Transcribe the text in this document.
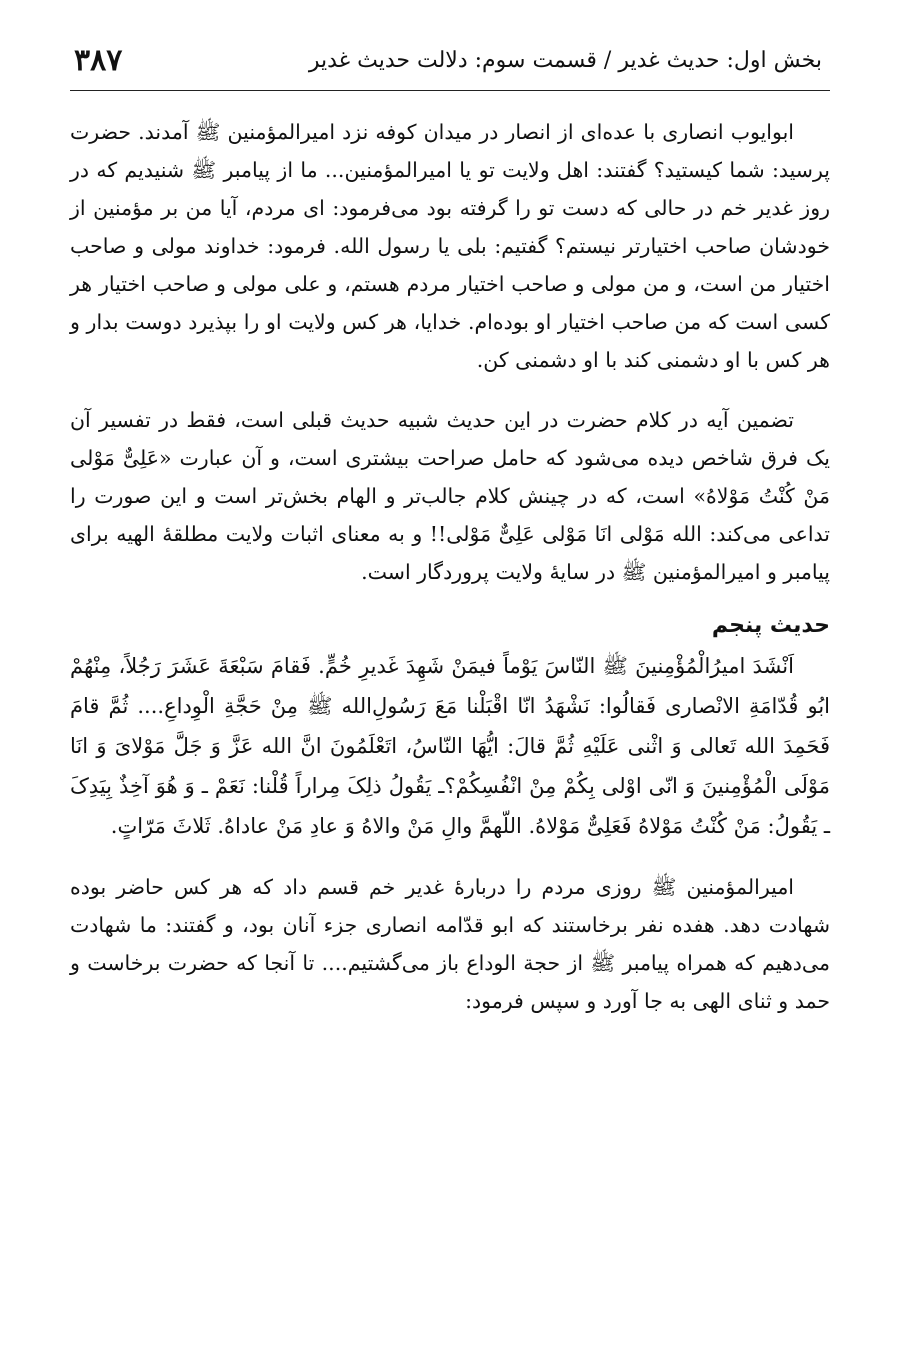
بخش اول: حدیث غدیر / قسمت سوم: دلالت حدیث غدیر
۳۸۷

ابوایوب انصاری با عده‌ای از انصار در میدان کوفه نزد امیرالمؤمنین ﷺ آمدند. حضرت پرسید: شما کیستید؟ گفتند: اهل ولایت تو یا امیرالمؤمنین... ما از پیامبر ﷺ شنیدیم که در روز غدیر خم در حالی که دست تو را گرفته بود می‌فرمود: ای مردم، آیا من بر مؤمنین از خودشان صاحب اختیارتر نیستم؟ گفتیم: بلی یا رسول الله. فرمود: خداوند مولی و صاحب اختیار من است، و من مولی و صاحب اختیار مردم هستم، و علی مولی و صاحب اختیار هر کسی است که من صاحب اختیار او بوده‌ام. خدایا، هر کس ولایت او را بپذیرد دوست بدار و هر کس با او دشمنی کند با او دشمنی کن.

تضمین آیه در کلام حضرت در این حدیث شبیه حدیث قبلی است، فقط در تفسیر آن یک فرق شاخص دیده می‌شود که حامل صراحت بیشتری است، و آن عبارت «عَلِیٌّ مَوْلی مَنْ کُنْتُ مَوْلاهُ» است، که در چینش کلام جالب‌تر و الهام بخش‌تر است و این صورت را تداعی می‌کند: الله مَوْلی انَا مَوْلی عَلِیٌّ مَوْلی!! و به معنای اثبات ولایت مطلقهٔ الهیه برای پیامبر و امیرالمؤمنین ﷺ در سایهٔ ولایت پروردگار است.

حدیث پنجم

اَنْشَدَ امیرُالْمُؤْمِنینَ ﷺ النّاسَ یَوْماً فیمَنْ شَهِدَ غَدیرِ خُمٍّ. فَقامَ سَبْعَةَ عَشَرَ رَجُلاً، مِنْهُمْ ابُو قُدّامَةِ الانْصاری فَقالُوا: نَشْهَدُ انّا اقْبَلْنا مَعَ رَسُولِ‌الله ﷺ مِنْ حَجَّةِ الْوِداعِ.... ثُمَّ قامَ فَحَمِدَ الله تَعالی وَ اثْنی عَلَیْهِ ثُمَّ قالَ: ایُّهَا النّاسُ، اتَعْلَمُونَ انَّ الله عَزَّ وَ جَلَّ مَوْلایَ وَ انَا مَوْلَی الْمُؤْمِنینَ وَ انّی اوْلی بِکُمْ مِنْ انْفُسِکُمْ؟ـ یَقُولُ ذلِکَ مِراراً قُلْنا: نَعَمْ ـ وَ هُوَ آخِذٌ بِیَدِکَ ـ یَقُولُ: مَنْ کُنْتُ مَوْلاهُ فَعَلِیٌّ مَوْلاهُ. اللّهمَّ والِ مَنْ والاهُ وَ عادِ مَنْ عاداهُ. ثَلاثَ مَرّاتٍ.

امیرالمؤمنین ﷺ روزی مردم را دربارهٔ غدیر خم قسم داد که هر کس حاضر بوده شهادت دهد. هفده نفر برخاستند که ابو قدّامه انصاری جزء آنان بود، و گفتند: ما شهادت می‌دهیم که همراه پیامبر ﷺ از حجة الوداع باز می‌گشتیم.... تا آنجا که حضرت برخاست و حمد و ثنای الهی به جا آورد و سپس فرمود:
